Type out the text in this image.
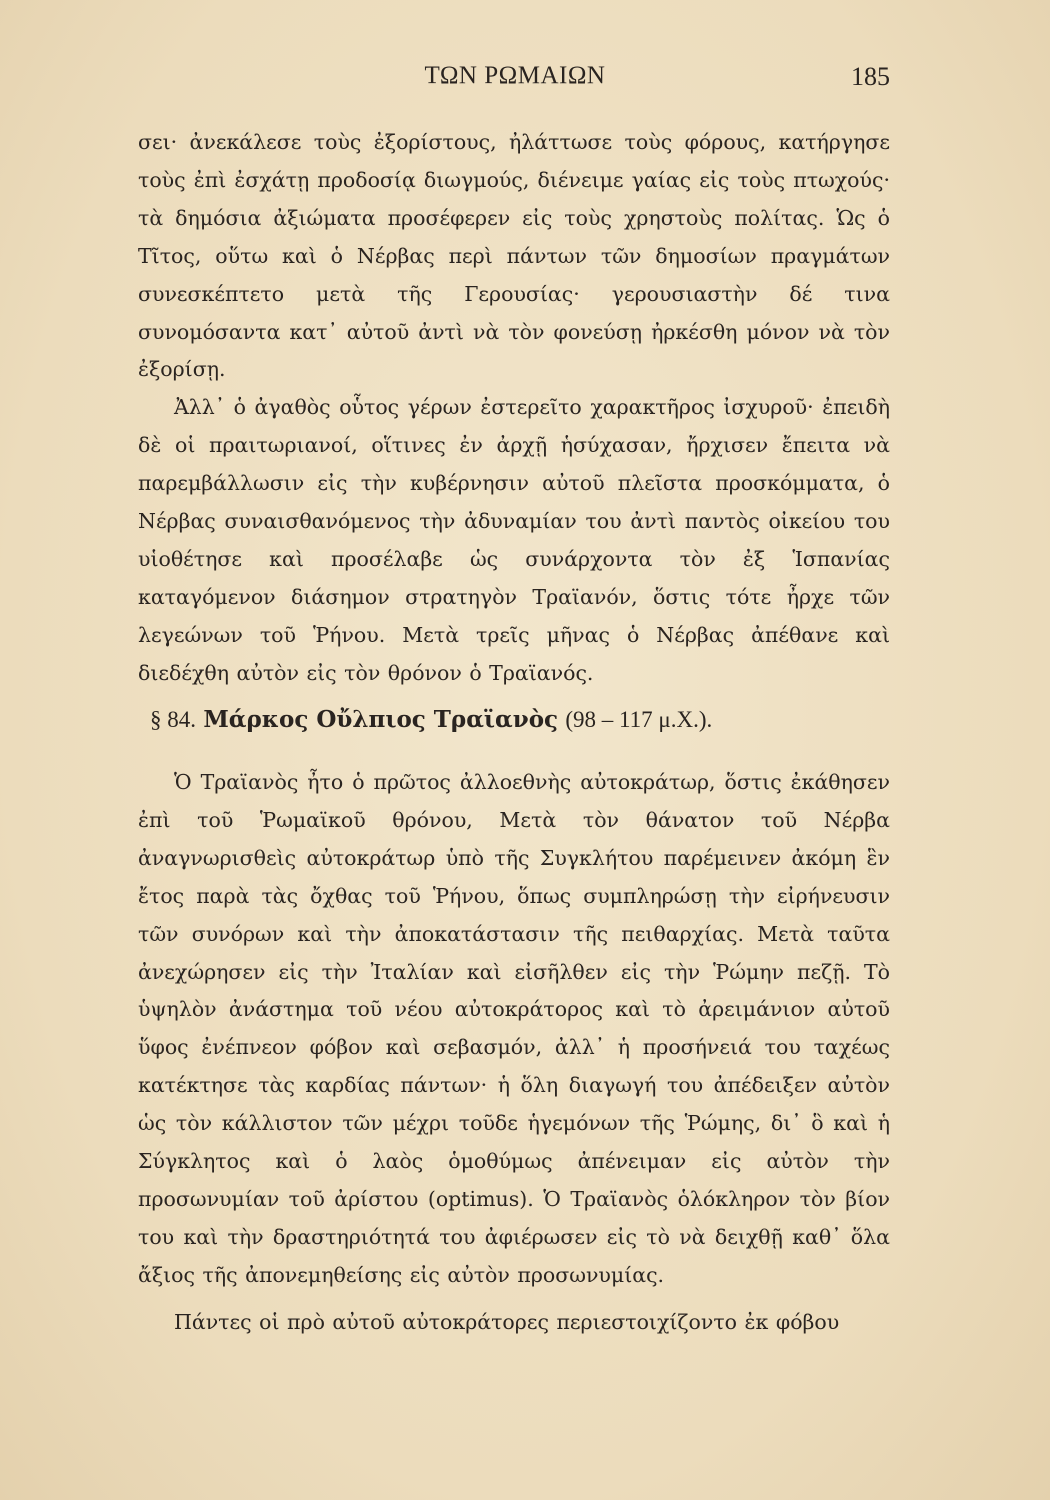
ΤΩΝ ΡΩΜΑΙΩΝ	185

σει· ἀνεκάλεσε τοὺς ἐξορίστους, ἠλάττωσε τοὺς φόρους, κατήργησε τοὺς ἐπὶ ἐσχάτῃ προδοσίᾳ διωγμούς, διένειμε γαίας εἰς τοὺς πτωχούς· τὰ δημόσια ἀξιώματα προσέφερεν εἰς τοὺς χρηστοὺς πολίτας. Ὡς ὁ Τῖτος, οὕτω καὶ ὁ Νέρβας περὶ πάντων τῶν δημοσίων πραγμάτων συνεσκέπτετο μετὰ τῆς Γερουσίας· γερουσιαστὴν δέ τινα συνομόσαντα κατ᾽ αὐτοῦ ἀντὶ νὰ τὸν φονεύσῃ ἠρκέσθη μόνον νὰ τὸν ἐξορίσῃ.

Ἀλλ᾽ ὁ ἀγαθὸς οὗτος γέρων ἐστερεῖτο χαρακτῆρος ἰσχυροῦ· ἐπειδὴ δὲ οἱ πραιτωριανοί, οἵτινες ἐν ἀρχῇ ἡσύχασαν, ἤρχισεν ἔπειτα νὰ παρεμβάλλωσιν εἰς τὴν κυβέρνησιν αὐτοῦ πλεῖστα προσκόμματα, ὁ Νέρβας συναισθανόμενος τὴν ἀδυναμίαν του ἀντὶ παντὸς οἰκείου του υἱοθέτησε καὶ προσέλαβε ὡς συνάρχοντα τὸν ἐξ Ἱσπανίας καταγόμενον διάσημον στρατηγὸν Τραϊανόν, ὅστις τότε ἦρχε τῶν λεγεώνων τοῦ Ῥήνου. Μετὰ τρεῖς μῆνας ὁ Νέρβας ἀπέθανε καὶ διεδέχθη αὐτὸν εἰς τὸν θρόνον ὁ Τραϊανός.

§ 84. Μάρκος Οὔλπιος Τραϊανὸς (98 – 117 μ.Χ.).

Ὁ Τραϊανὸς ἦτο ὁ πρῶτος ἀλλοεθνὴς αὐτοκράτωρ, ὅστις ἐκάθησεν ἐπὶ τοῦ Ῥωμαϊκοῦ θρόνου, Μετὰ τὸν θάνατον τοῦ Νέρβα ἀναγνωρισθεὶς αὐτοκράτωρ ὑπὸ τῆς Συγκλήτου παρέμεινεν ἀκόμη ἓν ἔτος παρὰ τὰς ὄχθας τοῦ Ῥήνου, ὅπως συμπληρώσῃ τὴν εἰρήνευσιν τῶν συνόρων καὶ τὴν ἀποκατάστασιν τῆς πειθαρχίας. Μετὰ ταῦτα ἀνεχώρησεν εἰς τὴν Ἰταλίαν καὶ εἰσῆλθεν εἰς τὴν Ῥώμην πεζῇ. Τὸ ὑψηλὸν ἀνάστημα τοῦ νέου αὐτοκράτορος καὶ τὸ ἀρειμάνιον αὐτοῦ ὕφος ἐνέπνεον φόβον καὶ σεβασμόν, ἀλλ᾽ ἡ προσήνειά του ταχέως κατέκτησε τὰς καρδίας πάντων· ἡ ὅλη διαγωγή του ἀπέδειξεν αὐτὸν ὡς τὸν κάλλιστον τῶν μέχρι τοῦδε ἡγεμόνων τῆς Ῥώμης, δι᾽ ὃ καὶ ἡ Σύγκλητος καὶ ὁ λαὸς ὁμοθύμως ἀπένειμαν εἰς αὐτὸν τὴν προσωνυμίαν τοῦ ἀρίστου (optimus). Ὁ Τραϊανὸς ὁλόκληρον τὸν βίον του καὶ τὴν δραστηριότητά του ἀφιέρωσεν εἰς τὸ νὰ δειχθῇ καθ᾽ ὅλα ἄξιος τῆς ἀπονεμηθείσης εἰς αὐτὸν προσωνυμίας.

Πάντες οἱ πρὸ αὐτοῦ αὐτοκράτορες περιεστοιχίζοντο ἐκ φόβου
